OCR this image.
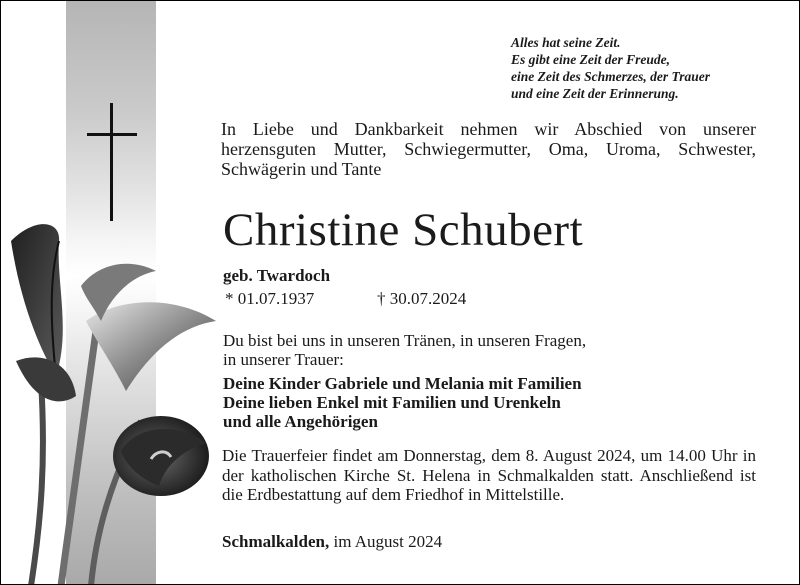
Alles hat seine Zeit.
Es gibt eine Zeit der Freude,
eine Zeit des Schmerzes, der Trauer
und eine Zeit der Erinnerung.
In Liebe und Dankbarkeit nehmen wir Abschied von unserer herzensguten Mutter, Schwiegermutter, Oma, Uroma, Schwester, Schwägerin und Tante
Christine Schubert
geb. Twardoch
* 01.07.1937	† 30.07.2024
Du bist bei uns in unseren Tränen, in unseren Fragen,
in unserer Trauer:
Deine Kinder Gabriele und Melania mit Familien
Deine lieben Enkel mit Familien und Urenkeln
und alle Angehörigen
Die Trauerfeier findet am Donnerstag, dem 8. August 2024, um 14.00 Uhr in der katholischen Kirche St. Helena in Schmalkalden statt. Anschließend ist die Erdbestattung auf dem Friedhof in Mittelstille.
Schmalkalden, im August 2024
